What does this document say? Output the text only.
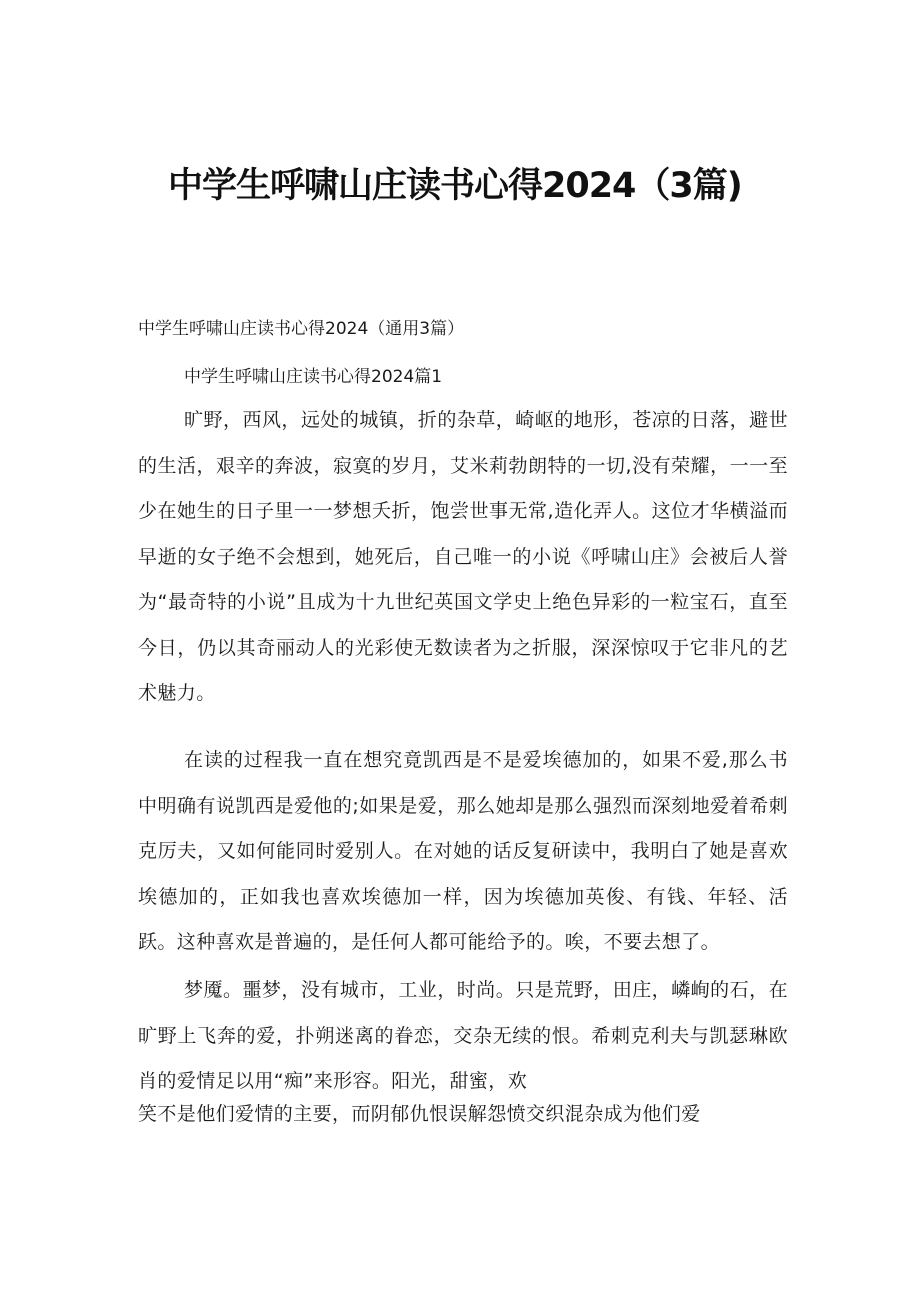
中学生呼啸山庄读书心得2024（3篇)
中学生呼啸山庄读书心得2024（通用3篇）
中学生呼啸山庄读书心得2024篇1

旷野，西风，远处的城镇，折的杂草，崎岖的地形，苍凉的日落，避世的生活，艰辛的奔波，寂寞的岁月，艾米莉勃朗特的一切,没有荣耀，一一至少在她生的日子里一一梦想夭折，饱尝世事无常,造化弄人。这位才华横溢而早逝的女子绝不会想到，她死后，自己唯一的小说《呼啸山庄》会被后人誉为“最奇特的小说”且成为十九世纪英国文学史上绝色异彩的一粒宝石，直至今日，仍以其奇丽动人的光彩使无数读者为之折服，深深惊叹于它非凡的艺术魅力。

在读的过程我一直在想究竟凯西是不是爱埃德加的，如果不爱,那么书中明确有说凯西是爱他的;如果是爱，那么她却是那么强烈而深刻地爱着希刺克厉夫，又如何能同时爱别人。在对她的话反复研读中，我明白了她是喜欢埃德加的，正如我也喜欢埃德加一样，因为埃德加英俊、有钱、年轻、活跃。这种喜欢是普遍的，是任何人都可能给予的。唉，不要去想了。

梦魇。噩梦，没有城市，工业，时尚。只是荒野，田庄，嶙峋的石，在旷野上飞奔的爱，扑朔迷离的眷恋，交杂无续的恨。希刺克利夫与凯瑟琳欧肖的爱情足以用“痴”来形容。阳光，甜蜜，欢

笑不是他们爱情的主要，而阴郁仇恨误解怨愤交织混杂成为他们爱
